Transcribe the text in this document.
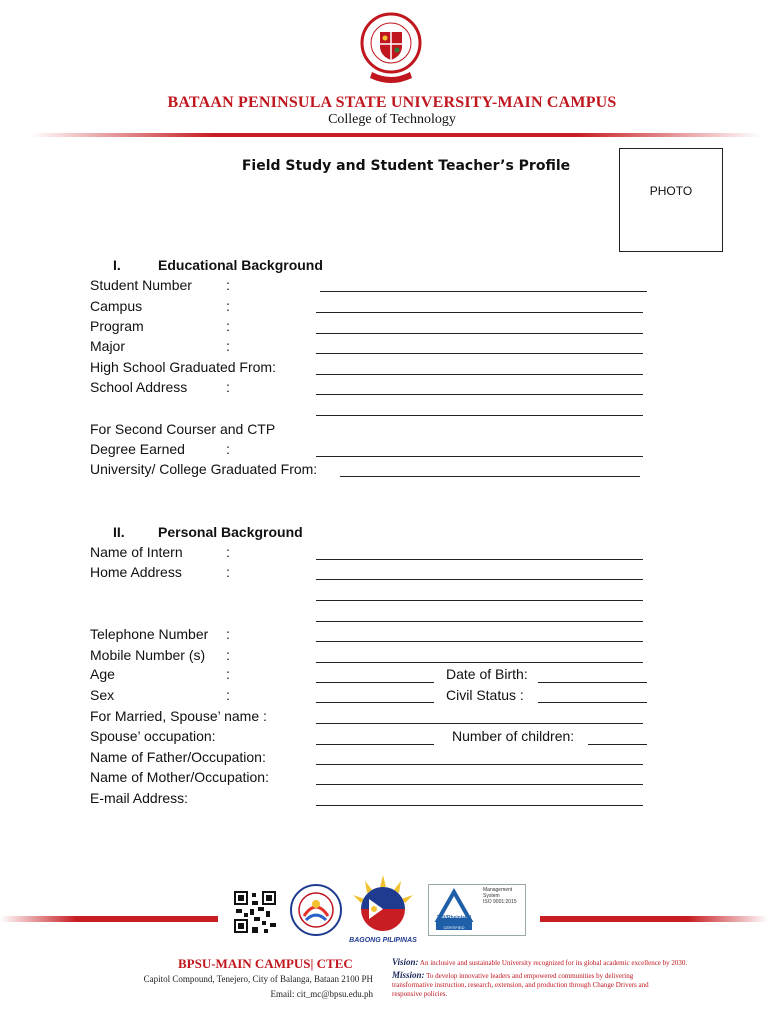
BATAAN PENINSULA STATE UNIVERSITY-MAIN CAMPUS
College of Technology
Field Study and Student Teacher’s Profile
PHOTO
I.	Educational Background
Student Number :
Campus	:
Program	:
Major	:
High School Graduated From:
School Address	:
For Second Courser and CTP
Degree Earned	:
University/ College Graduated From:
II. Personal Background
Name of Intern	:
Home Address	:
Telephone Number :
Mobile Number (s) :
Age	:	Date of Birth:
Sex	:	Civil Status :
For Married, Spouse’ name :
Spouse’ occupation:	Number of children:
Name of Father/Occupation:
Name of Mother/Occupation:
E-mail Address:
BAGONG PILIPINAS
TÜVRheinland
CERTIFIED
Management
System
ISO 9001:2015
BPSU-MAIN CAMPUS| CTEC
Capitol Compound, Tenejero, City of Balanga, Bataan 2100 PH
Email: cit_mc@bpsu.edu.ph
Vision: An inclusive and sustainable University recognized for its global academic excellence by 2030.
Mission: To develop innovative leaders and empowered communities by delivering transformative instruction, research, extension, and production through Change Drivers and responsive policies.
